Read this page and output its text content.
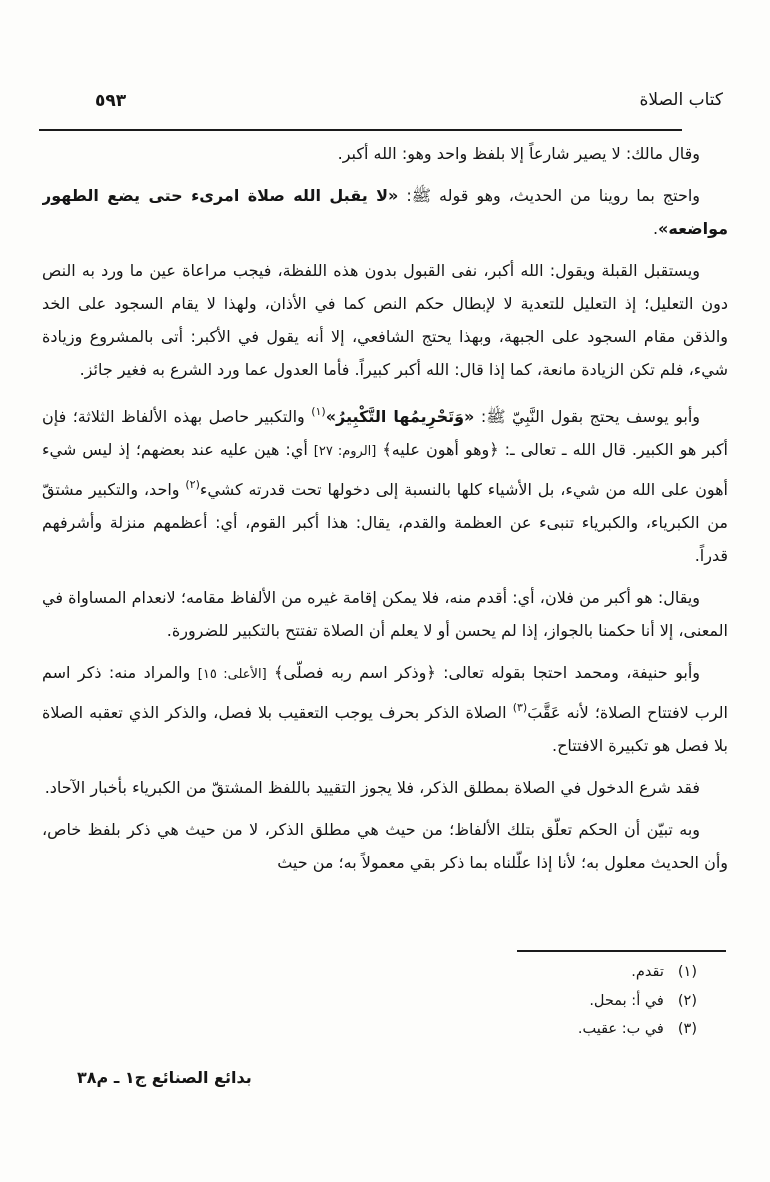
كتاب الصلاة
٥٩٣

وقال مالك: لا يصير شارعاً إلا بلفظ واحد وهو: الله أكبر.

واحتج بما روينا من الحديث، وهو قوله ﷺ: «لا يقبل الله صلاة امرىء حتى يضع الطهور مواضعه».

ويستقبل القبلة ويقول: الله أكبر، نفى القبول بدون هذه اللفظة، فيجب مراعاة عين ما ورد به النص دون التعليل؛ إذ التعليل للتعدية لا لإبطال حكم النص كما في الأذان، ولهذا لا يقام السجود على الخد والذقن مقام السجود على الجبهة، وبهذا يحتج الشافعي، إلا أنه يقول في الأكبر: أتى بالمشروع وزيادة شيء، فلم تكن الزيادة مانعة، كما إذا قال: الله أكبر كبيراً. فأما العدول عما ورد الشرع به فغير جائز.

وأبو يوسف يحتج بقول النَّبِيّ ﷺ: «وَتَحْرِيمُها التَّكْبِيرُ»$^{(١)}$ والتكبير حاصل بهذه الألفاظ الثلاثة؛ فإن أكبر هو الكبير. قال الله ـ تعالى ـ: ﴿وهو أهون عليه﴾ [الروم: ٢٧] أي: هين عليه عند بعضهم؛ إذ ليس شيء أهون على الله من شيء، بل الأشياء كلها بالنسبة إلى دخولها تحت قدرته كشيء$^{(٢)}$ واحد، والتكبير مشتقّ من الكبرياء، والكبرياء تنبىء عن العظمة والقدم، يقال: هذا أكبر القوم، أي: أعظمهم منزلة وأشرفهم قدراً.

ويقال: هو أكبر من فلان، أي: أقدم منه، فلا يمكن إقامة غيره من الألفاظ مقامه؛ لانعدام المساواة في المعنى، إلا أنا حكمنا بالجواز، إذا لم يحسن أو لا يعلم أن الصلاة تفتتح بالتكبير للضرورة.

وأبو حنيفة، ومحمد احتجا بقوله تعالى: ﴿وذكر اسم ربه فصلّى﴾ [الأعلى: ١٥] والمراد منه: ذكر اسم الرب لافتتاح الصلاة؛ لأنه عَقَّبَ$^{(٣)}$ الصلاة الذكر بحرف يوجب التعقيب بلا فصل، والذكر الذي تعقبه الصلاة بلا فصل هو تكبيرة الافتتاح.

فقد شرع الدخول في الصلاة بمطلق الذكر، فلا يجوز التقييد باللفظ المشتقّ من الكبرياء بأخبار الآحاد.

وبه تبيّن أن الحكم تعلّق بتلك الألفاظ؛ من حيث هي مطلق الذكر، لا من حيث هي ذكر بلفظ خاص، وأن الحديث معلول به؛ لأنا إذا علّلناه بما ذكر بقي معمولاً به؛ من حيث

(١)
تقدم.
(٢)
في أ: بمحل.
(٣)
في ب: عقيب.
بدائع الصنائع ج١ ـ م٣٨
